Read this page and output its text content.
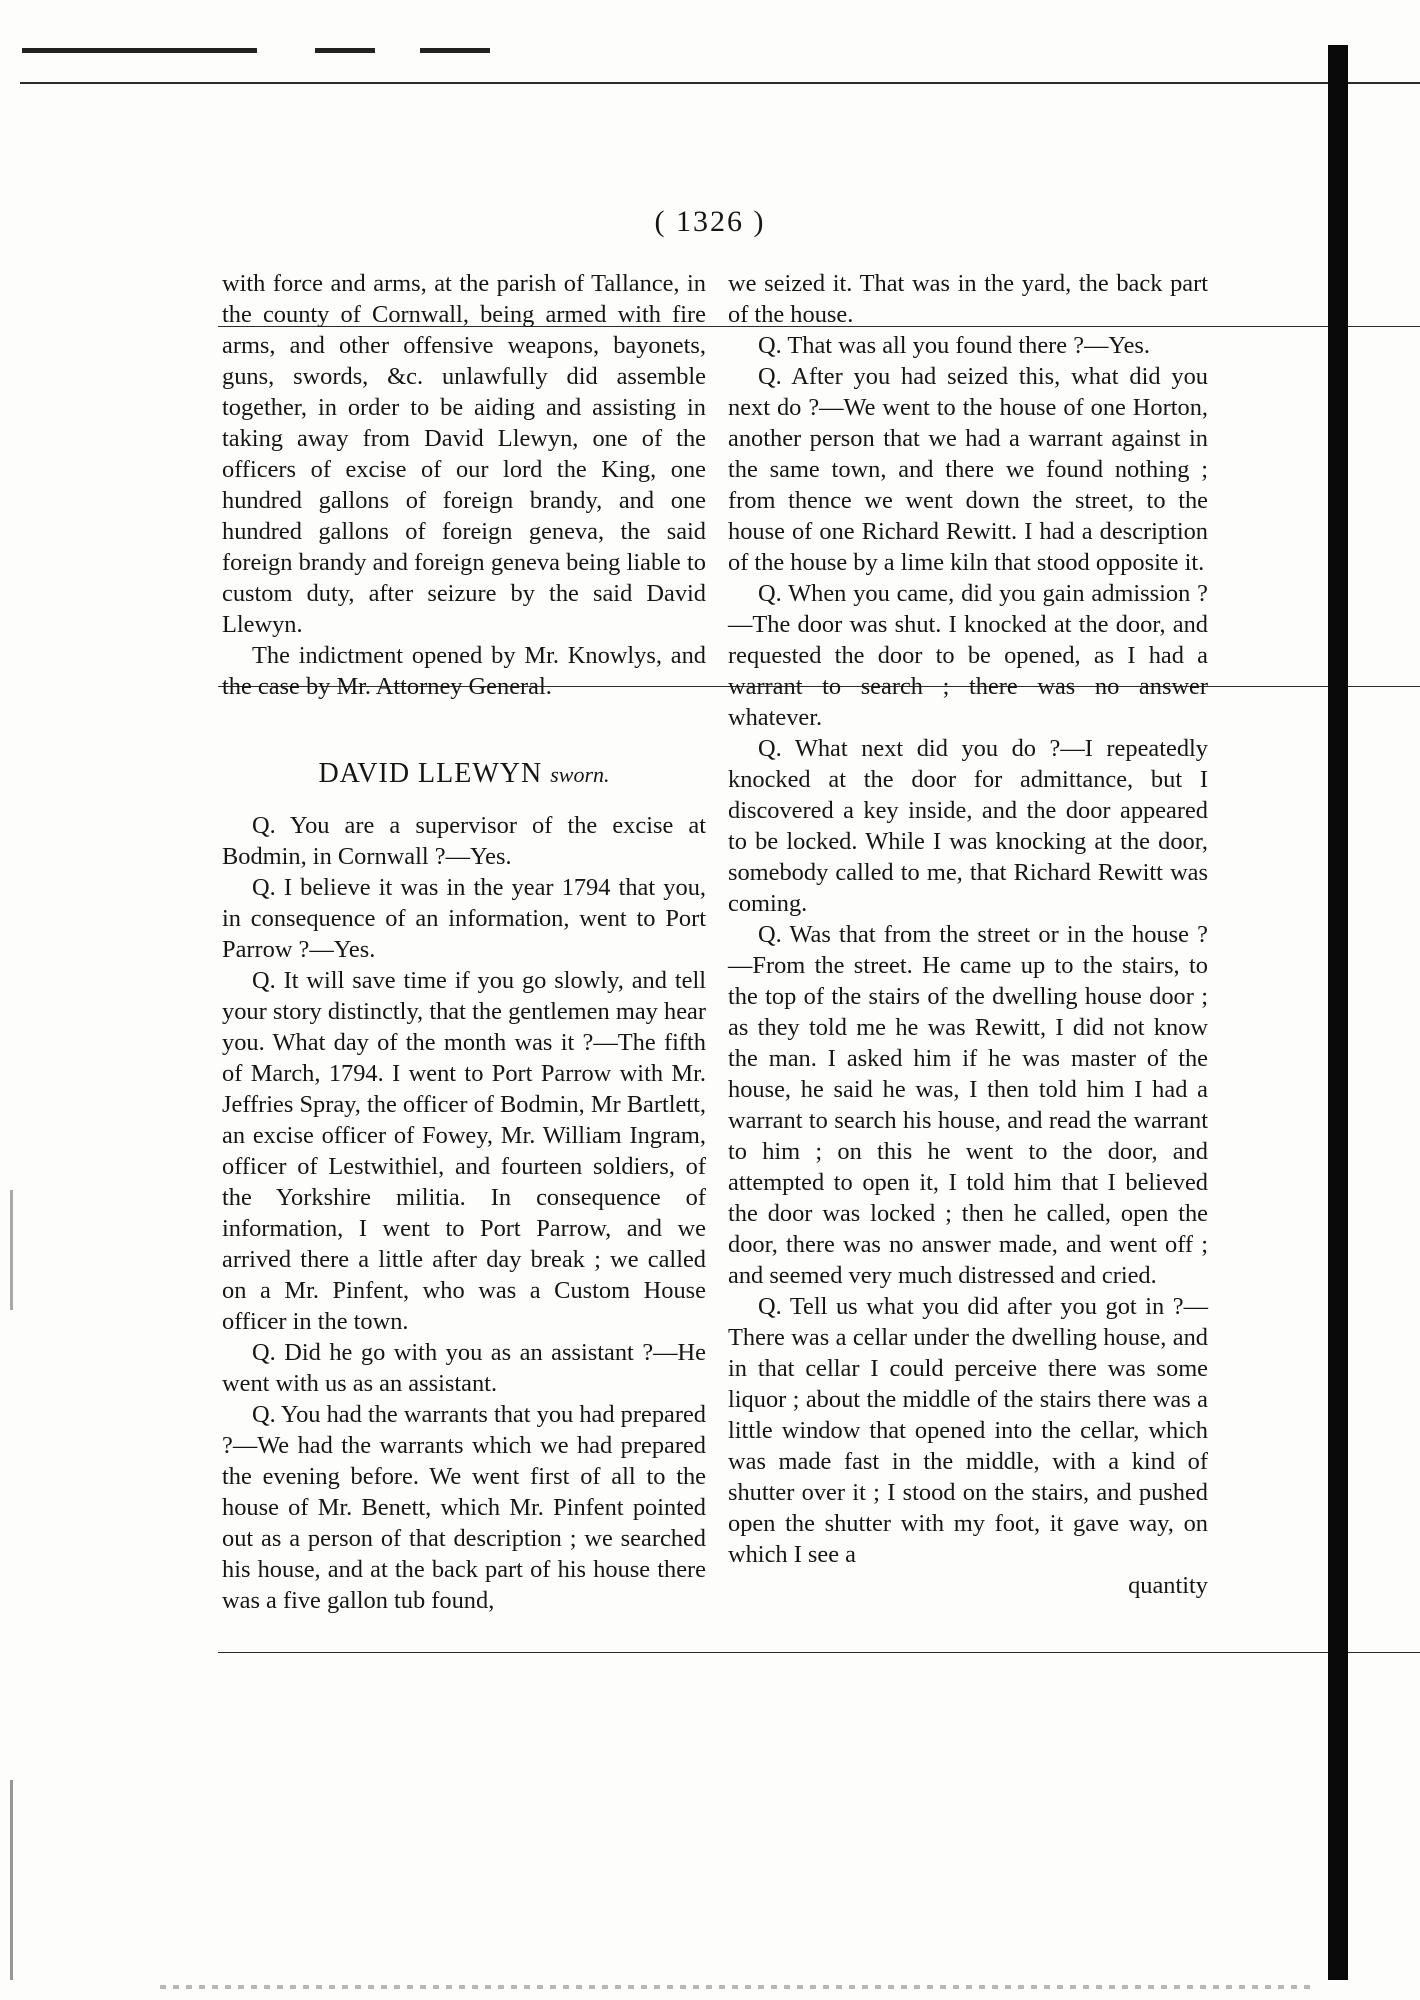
( 1326 )

with force and arms, at the parish of Tallance, in the county of Cornwall, being armed with fire arms, and other offensive weapons, bayonets, guns, swords, &c. unlawfully did assemble together, in order to be aiding and assisting in taking away from David Llewyn, one of the officers of excise of our lord the King, one hundred gallons of foreign brandy, and one hundred gallons of foreign geneva, the said foreign brandy and foreign geneva being liable to custom duty, after seizure by the said David Llewyn.

The indictment opened by Mr. Knowlys, and the case by Mr. Attorney General.

DAVID LLEWYN sworn.

Q. You are a supervisor of the excise at Bodmin, in Cornwall ?—Yes.

Q. I believe it was in the year 1794 that you, in consequence of an information, went to Port Parrow ?—Yes.

Q. It will save time if you go slowly, and tell your story distinctly, that the gentlemen may hear you. What day of the month was it ?—The fifth of March, 1794. I went to Port Parrow with Mr. Jeffries Spray, the officer of Bodmin, Mr Bartlett, an excise officer of Fowey, Mr. William Ingram, officer of Lestwithiel, and fourteen soldiers, of the Yorkshire militia. In consequence of information, I went to Port Parrow, and we arrived there a little after day break ; we called on a Mr. Pinfent, who was a Custom House officer in the town.

Q. Did he go with you as an assistant ?—He went with us as an assistant.

Q. You had the warrants that you had prepared ?—We had the warrants which we had prepared the evening before. We went first of all to the house of Mr. Benett, which Mr. Pinfent pointed out as a person of that description ; we searched his house, and at the back part of his house there was a five gallon tub found,

we seized it. That was in the yard, the back part of the house.

Q. That was all you found there ?—Yes.

Q. After you had seized this, what did you next do ?—We went to the house of one Horton, another person that we had a warrant against in the same town, and there we found nothing ; from thence we went down the street, to the house of one Richard Rewitt. I had a description of the house by a lime kiln that stood opposite it.

Q. When you came, did you gain admission ?—The door was shut. I knocked at the door, and requested the door to be opened, as I had a warrant to search ; there was no answer whatever.

Q. What next did you do ?—I repeatedly knocked at the door for admittance, but I discovered a key inside, and the door appeared to be locked. While I was knocking at the door, somebody called to me, that Richard Rewitt was coming.

Q. Was that from the street or in the house ?—From the street. He came up to the stairs, to the top of the stairs of the dwelling house door ; as they told me he was Rewitt, I did not know the man. I asked him if he was master of the house, he said he was, I then told him I had a warrant to search his house, and read the warrant to him ; on this he went to the door, and attempted to open it, I told him that I believed the door was locked ; then he called, open the door, there was no answer made, and went off ; and seemed very much distressed and cried.

Q. Tell us what you did after you got in ?—There was a cellar under the dwelling house, and in that cellar I could perceive there was some liquor ; about the middle of the stairs there was a little window that opened into the cellar, which was made fast in the middle, with a kind of shutter over it ; I stood on the stairs, and pushed open the shutter with my foot, it gave way, on which I see a

quantity
